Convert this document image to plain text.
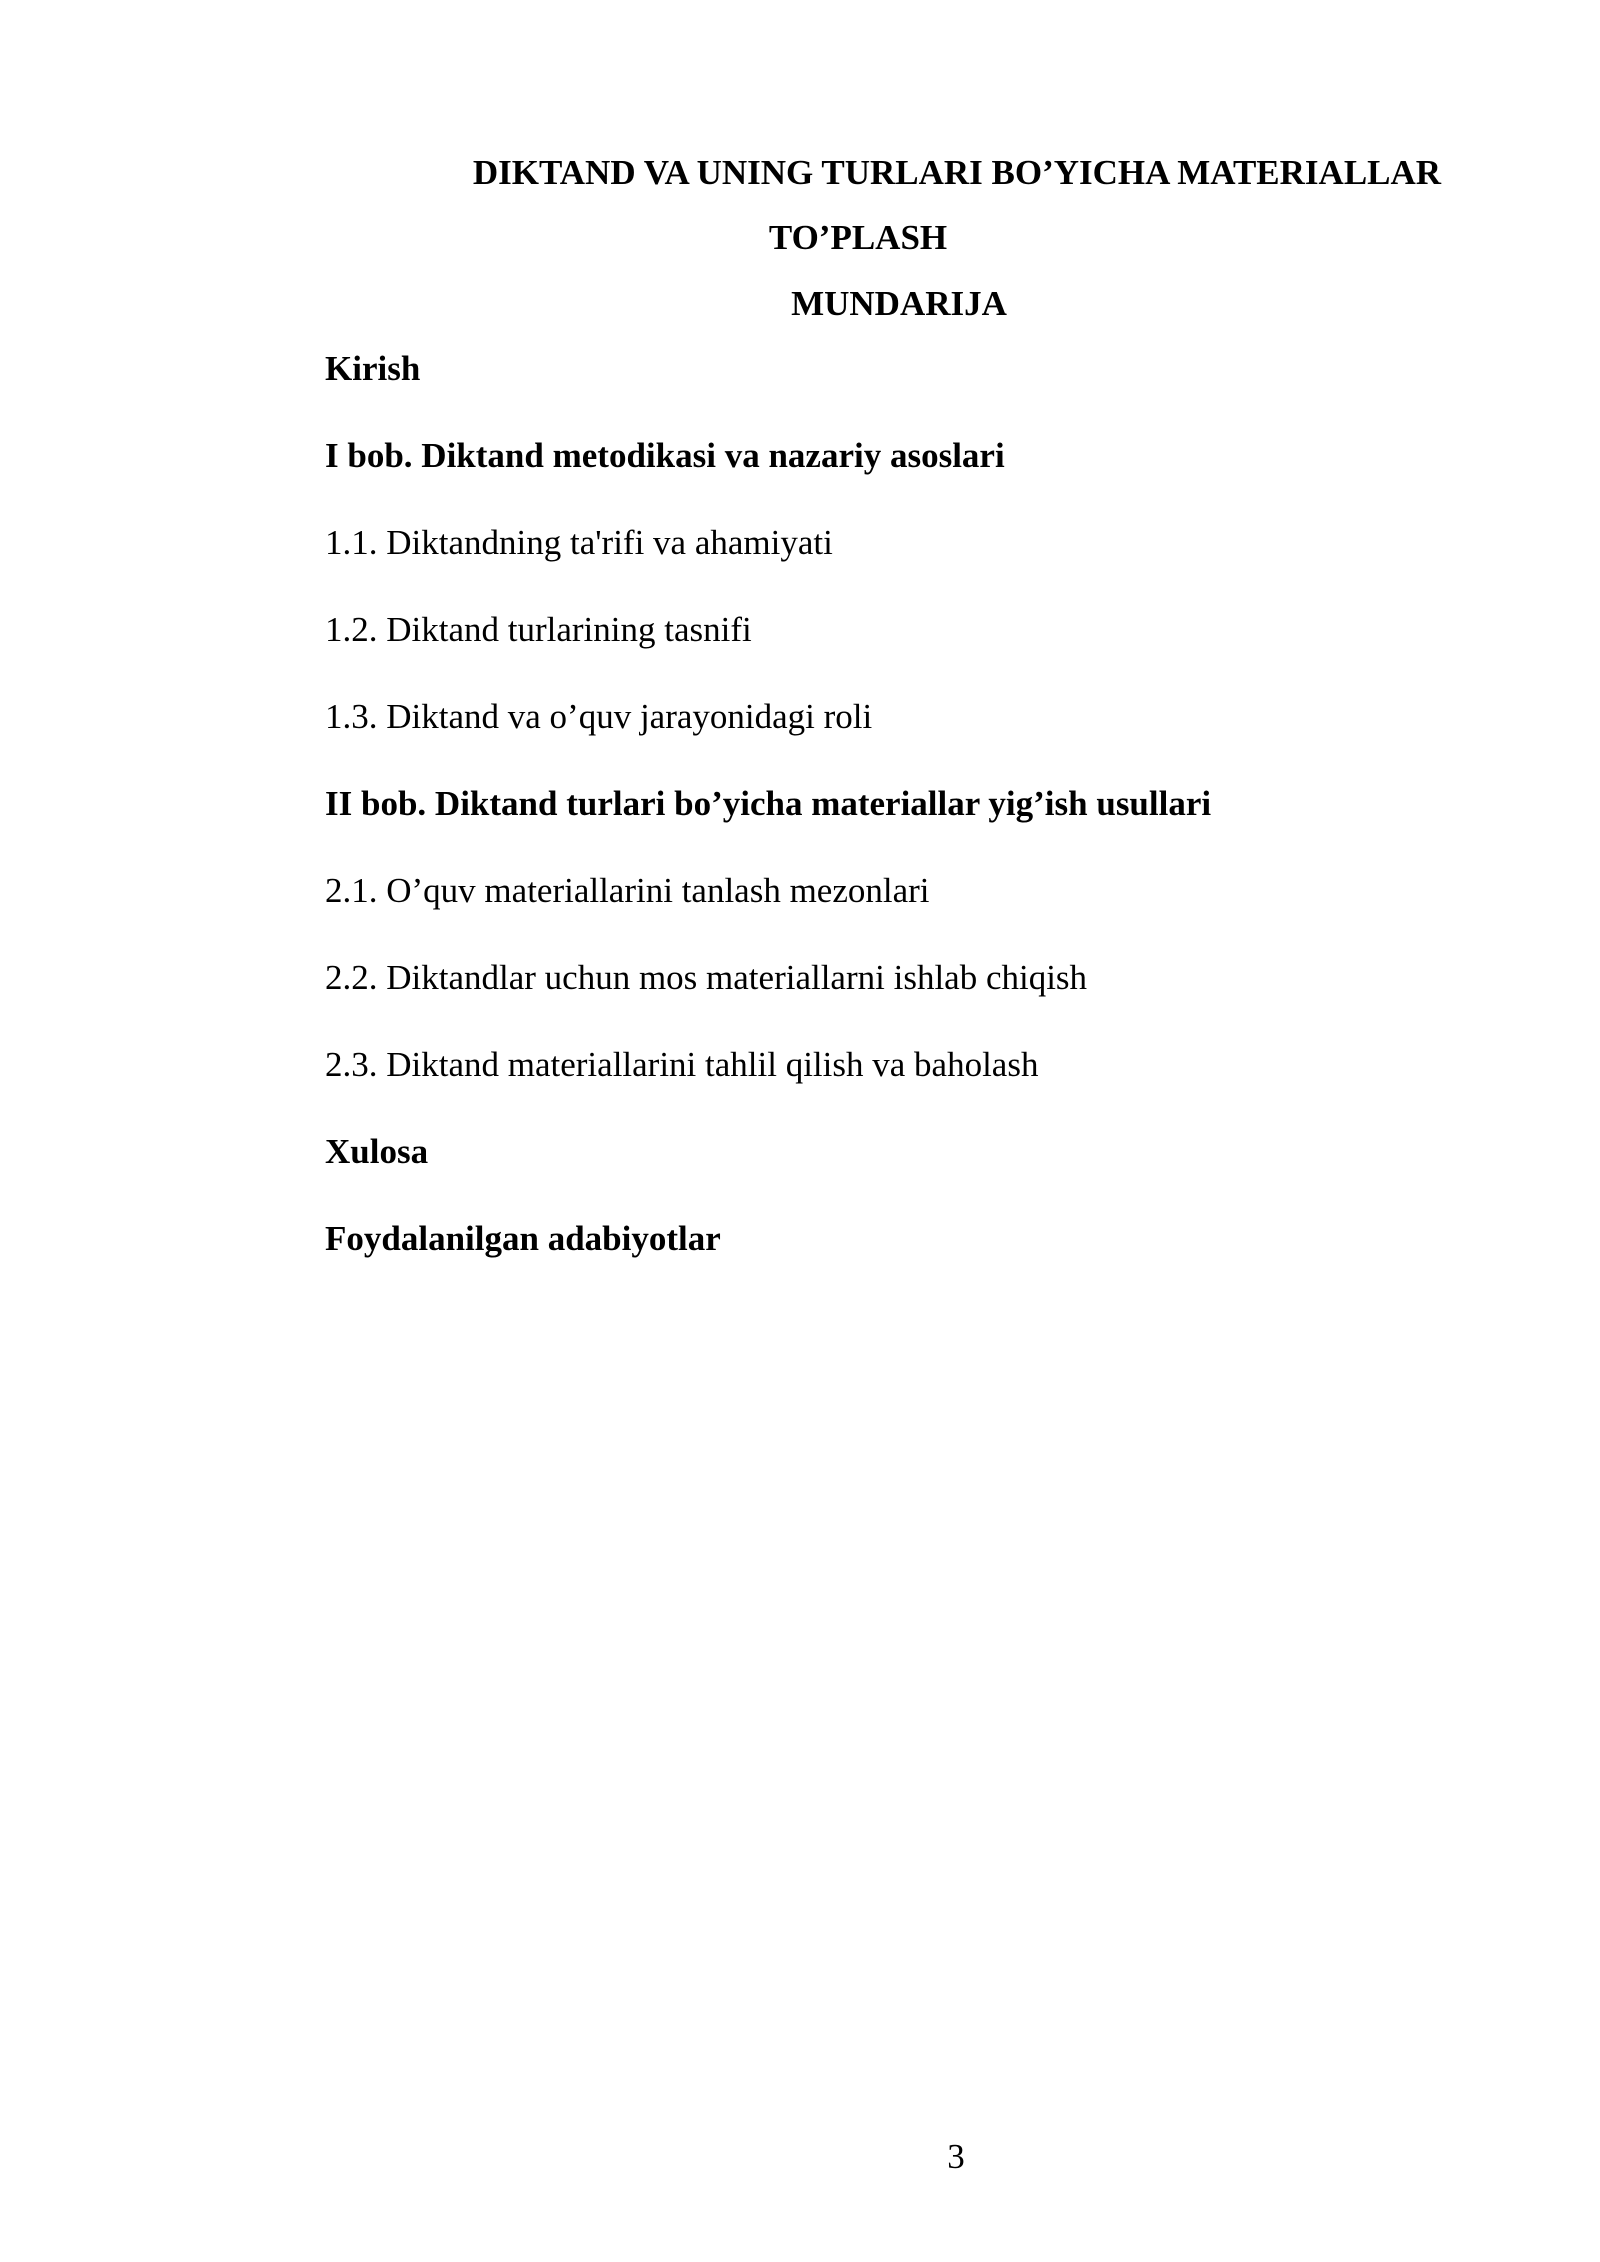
DIKTAND VA UNING TURLARI BO’YICHA MATERIALLAR
TO’PLASH
MUNDARIJA
Kirish
I bob. Diktand metodikasi va nazariy asoslari
1.1. Diktandning ta'rifi va ahamiyati
1.2. Diktand turlarining tasnifi
1.3. Diktand va o’quv jarayonidagi roli
II bob. Diktand turlari bo’yicha materiallar yig’ish usullari
2.1. O’quv materiallarini tanlash mezonlari
2.2. Diktandlar uchun mos materiallarni ishlab chiqish
2.3. Diktand materiallarini tahlil qilish va baholash
Xulosa
Foydalanilgan adabiyotlar
3
